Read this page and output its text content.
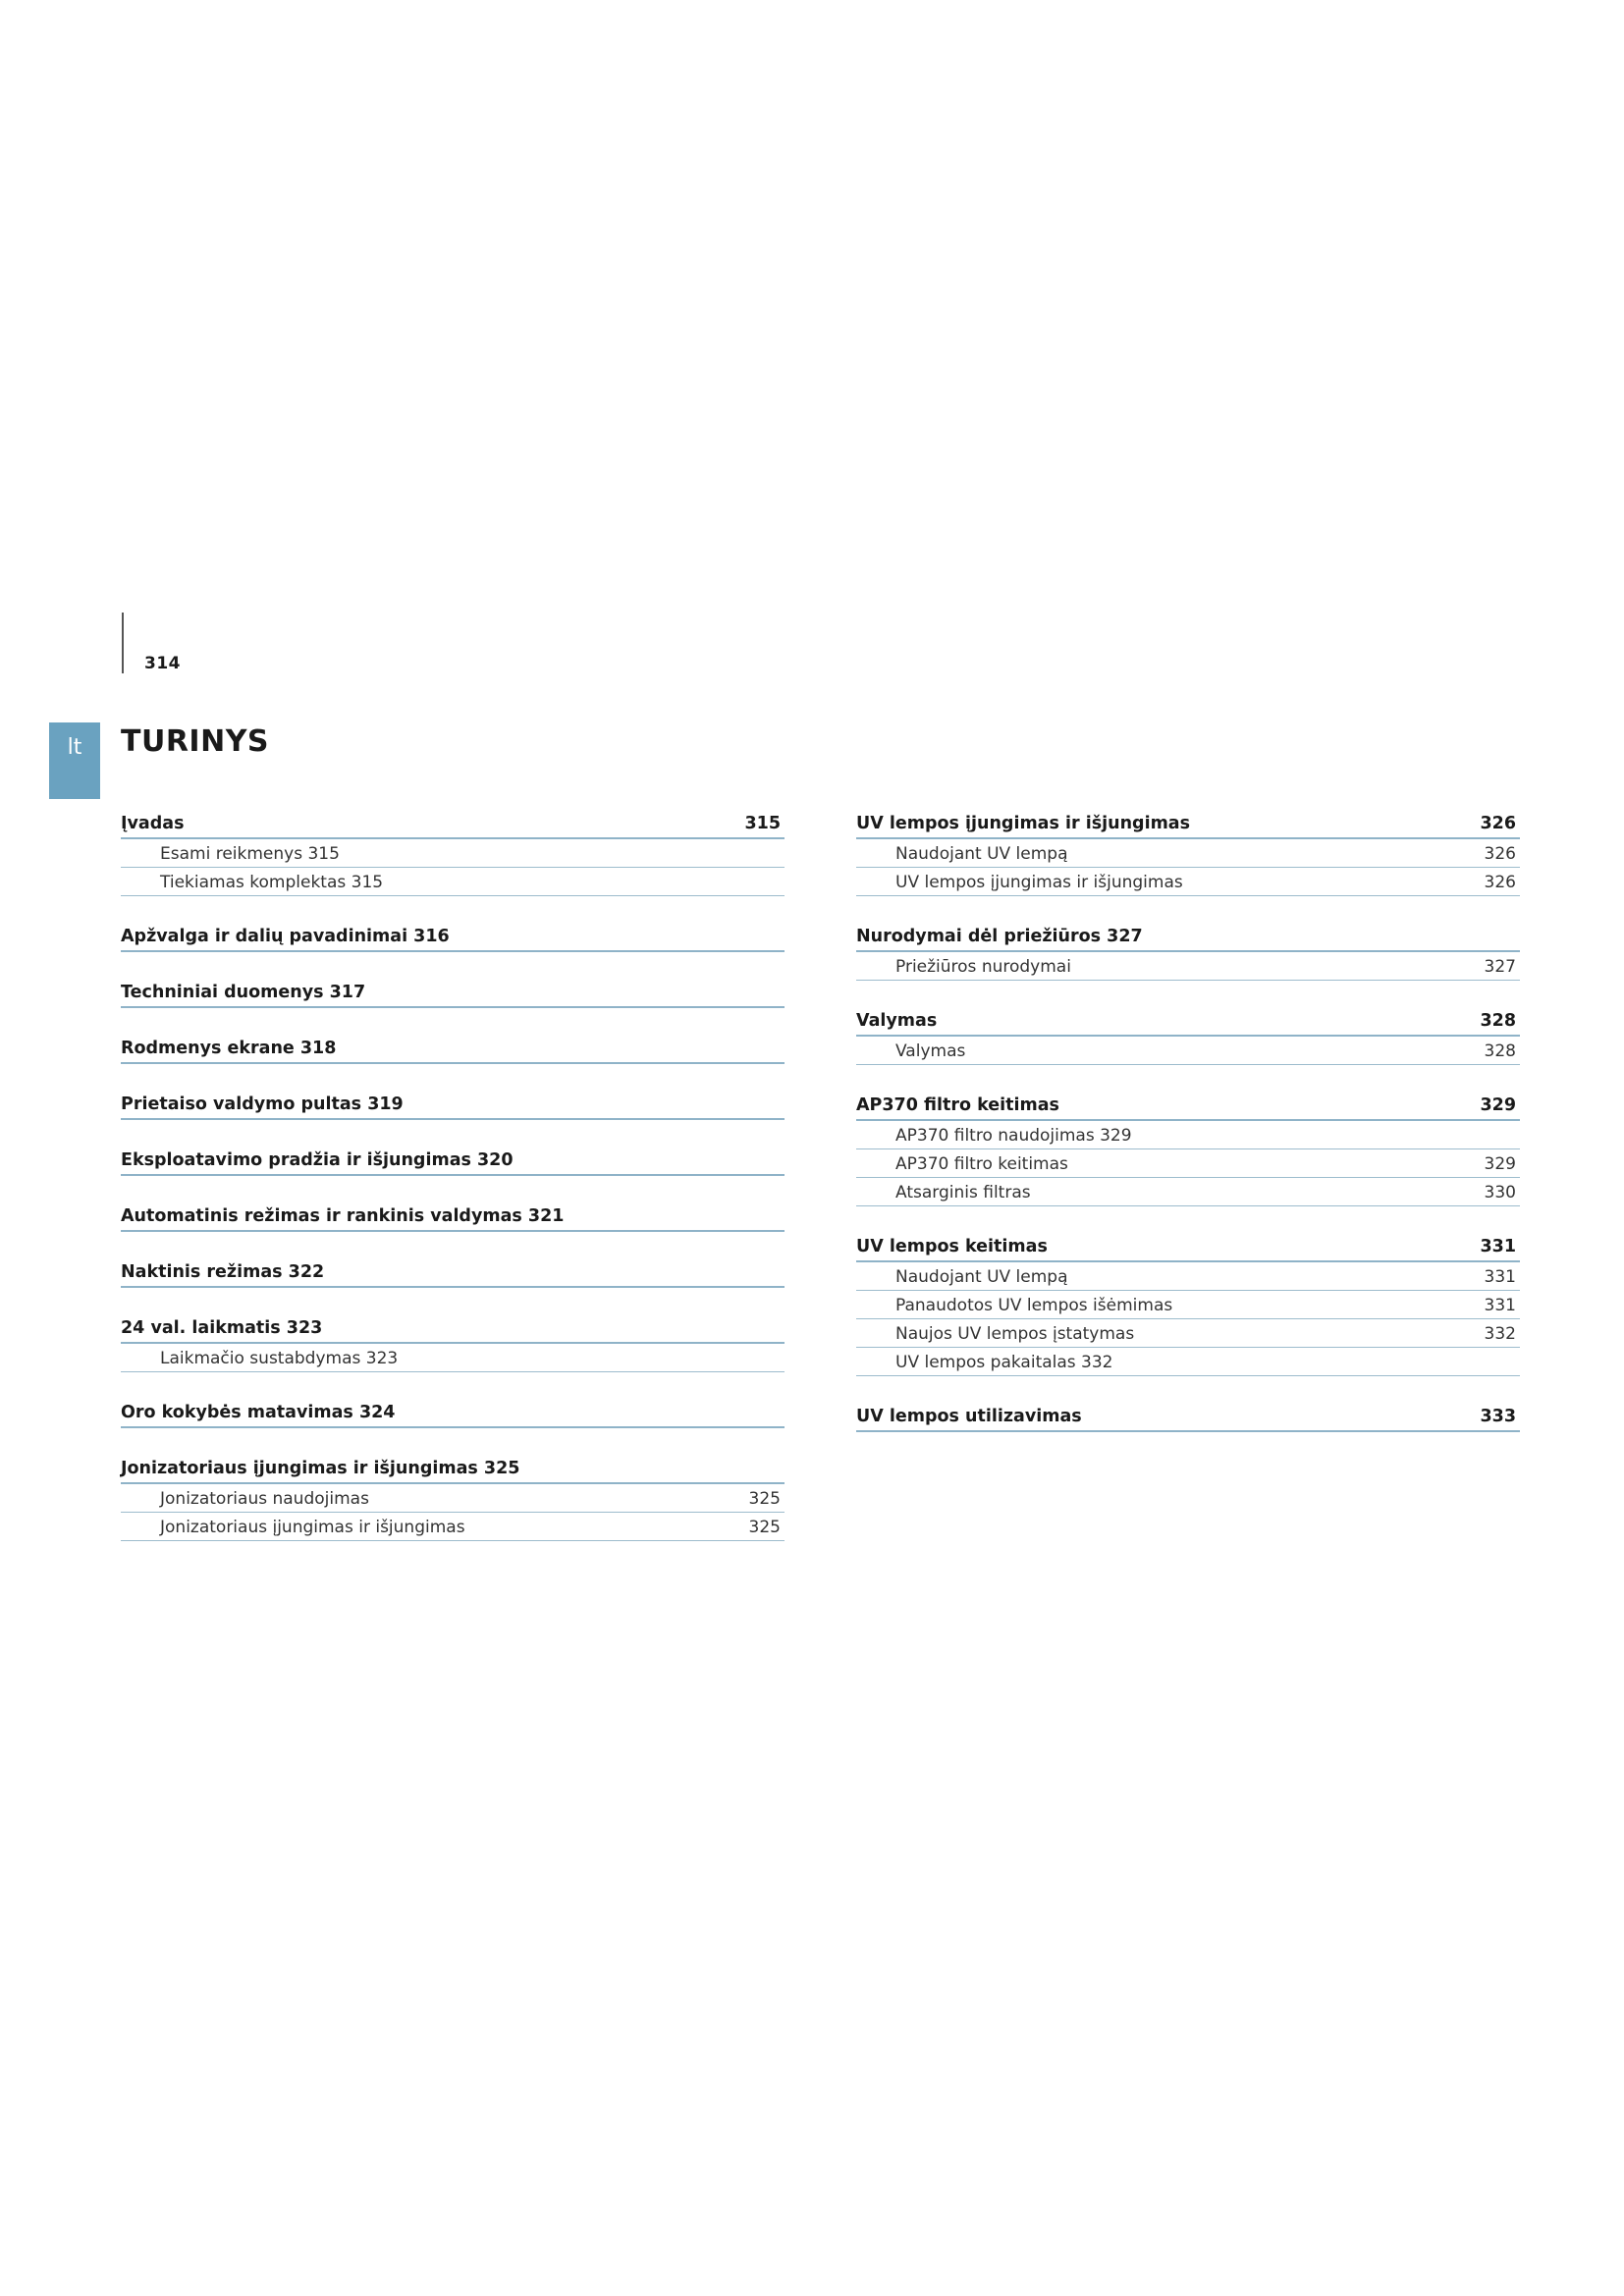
314
lt	TURINYS
Įvadas	315
Esami reikmenys 315
Tiekiamas komplektas 315
Apžvalga ir dalių pavadinimai 316
Techniniai duomenys 317
Rodmenys ekrane 318
Prietaiso valdymo pultas 319
Eksploatavimo pradžia ir išjungimas 320
Automatinis režimas ir rankinis valdymas 321
Naktinis režimas 322
24 val. laikmatis 323
Laikmačio sustabdymas 323
Oro kokybės matavimas 324
Jonizatoriaus įjungimas ir išjungimas 325
Jonizatoriaus naudojimas	325
Jonizatoriaus įjungimas ir išjungimas	325
UV lempos įjungimas ir išjungimas	326
Naudojant UV lempą	326
UV lempos įjungimas ir išjungimas	326
Nurodymai dėl priežiūros 327
Priežiūros nurodymai	327
Valymas	328
Valymas	328
AP370 filtro keitimas	329
AP370 filtro naudojimas 329
AP370 filtro keitimas	329
Atsarginis filtras	330
UV lempos keitimas	331
Naudojant UV lempą	331
Panaudotos UV lempos išėmimas	331
Naujos UV lempos įstatymas	332
UV lempos pakaitalas 332
UV lempos utilizavimas	333
